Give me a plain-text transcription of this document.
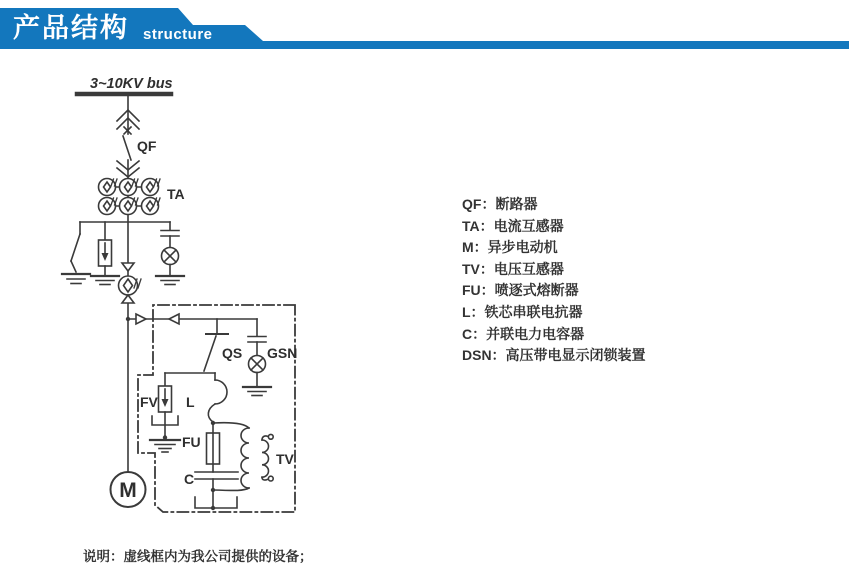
3~10KV bus
QF
TA
QS GSN
FV L
FU
C
TV
M
产品结构 structure
QF：断路器
TA：电流互感器
M：异步电动机
TV：电压互感器
FU：喷逐式熔断器
L：铁芯串联电抗器
C：并联电力电容器
DSN：高压带电显示闭锁装置
说明：虚线框内为我公司提供的设备；
